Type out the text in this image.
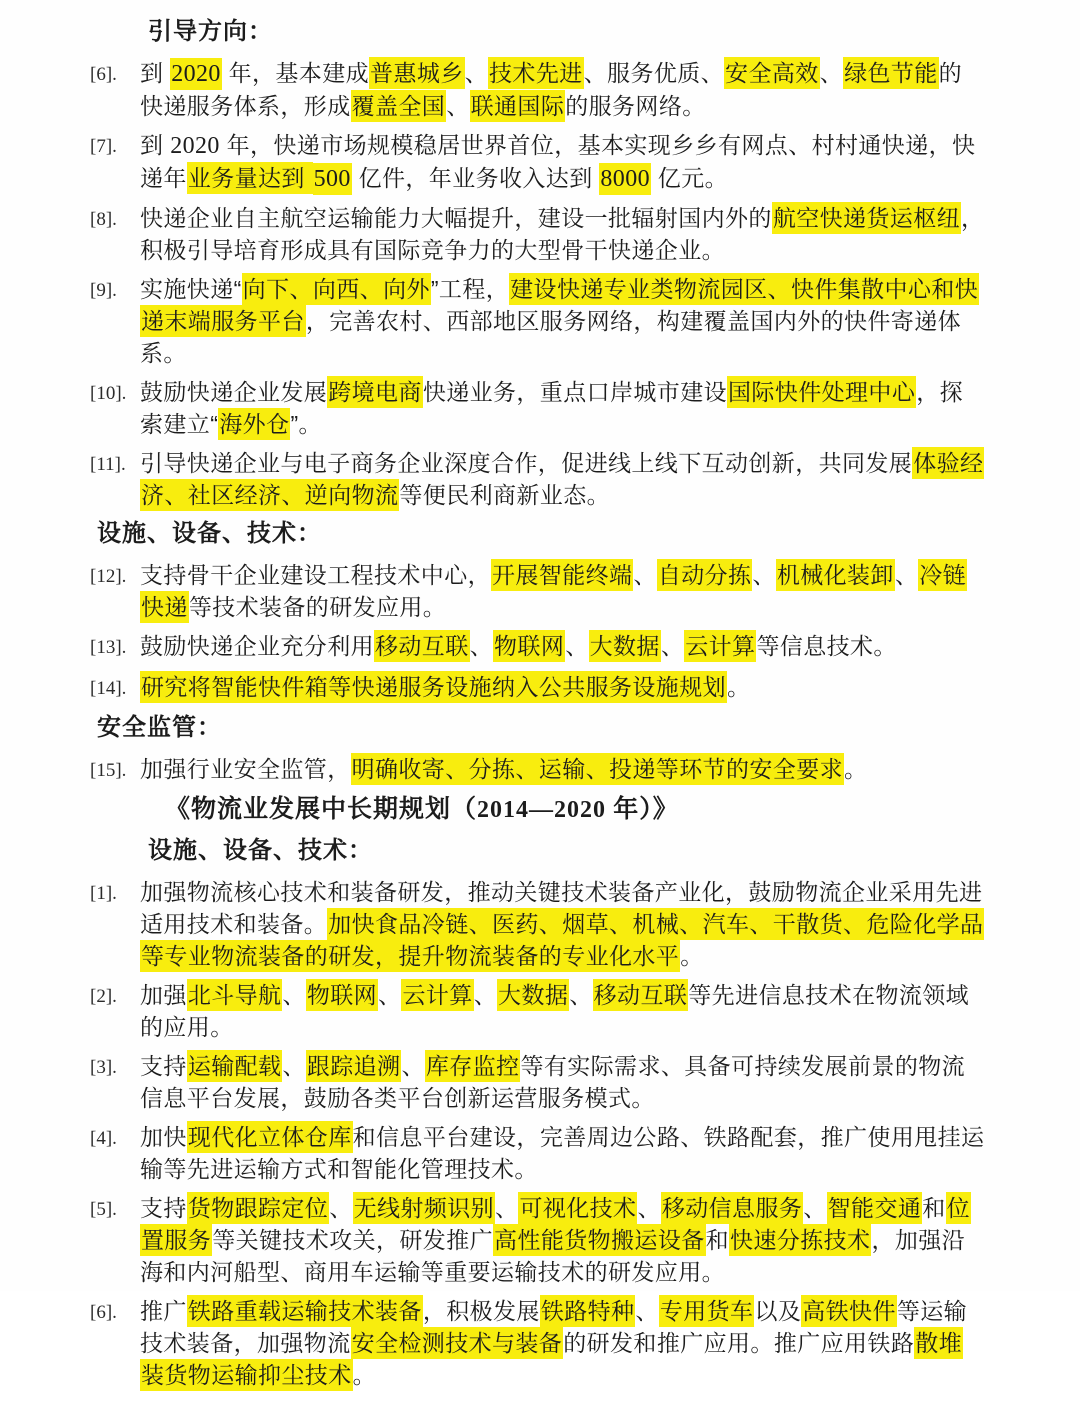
引导方向：
[6].	到 2020 年，基本建成普惠城乡、技术先进、服务优质、安全高效、绿色节能的快递服务体系，形成覆盖全国、联通国际的服务网络。
[7].	到 2020 年，快递市场规模稳居世界首位，基本实现乡乡有网点、村村通快递，快递年业务量达到 500 亿件，年业务收入达到 8000 亿元。
[8].	快递企业自主航空运输能力大幅提升，建设一批辐射国内外的航空快递货运枢纽，积极引导培育形成具有国际竞争力的大型骨干快递企业。
[9].	实施快递“向下、向西、向外”工程，建设快递专业类物流园区、快件集散中心和快递末端服务平台，完善农村、西部地区服务网络，构建覆盖国内外的快件寄递体系。
[10]. 鼓励快递企业发展跨境电商快递业务，重点口岸城市建设国际快件处理中心，探索建立“海外仓”。
[11]. 引导快递企业与电子商务企业深度合作，促进线上线下互动创新，共同发展体验经济、社区经济、逆向物流等便民利商新业态。
设施、设备、技术：
[12]. 支持骨干企业建设工程技术中心，开展智能终端、自动分拣、机械化装卸、冷链快递等技术装备的研发应用。
[13]. 鼓励快递企业充分利用移动互联、物联网、大数据、云计算等信息技术。
[14]. 研究将智能快件箱等快递服务设施纳入公共服务设施规划。
安全监管：
[15]. 加强行业安全监管，明确收寄、分拣、运输、投递等环节的安全要求。
《物流业发展中长期规划（2014—2020 年）》
设施、设备、技术：
[1].	加强物流核心技术和装备研发，推动关键技术装备产业化，鼓励物流企业采用先进适用技术和装备。加快食品冷链、医药、烟草、机械、汽车、干散货、危险化学品等专业物流装备的研发，提升物流装备的专业化水平。
[2].	加强北斗导航、物联网、云计算、大数据、移动互联等先进信息技术在物流领域的应用。
[3].	支持运输配载、跟踪追溯、库存监控等有实际需求、具备可持续发展前景的物流信息平台发展，鼓励各类平台创新运营服务模式。
[4].	加快现代化立体仓库和信息平台建设，完善周边公路、铁路配套，推广使用甩挂运输等先进运输方式和智能化管理技术。
[5].	支持货物跟踪定位、无线射频识别、可视化技术、移动信息服务、智能交通和位置服务等关键技术攻关，研发推广高性能货物搬运设备和快速分拣技术，加强沿海和内河船型、商用车运输等重要运输技术的研发应用。
[6].	推广铁路重载运输技术装备，积极发展铁路特种、专用货车以及高铁快件等运输技术装备，加强物流安全检测技术与装备的研发和推广应用。推广应用铁路散堆装货物运输抑尘技术。
